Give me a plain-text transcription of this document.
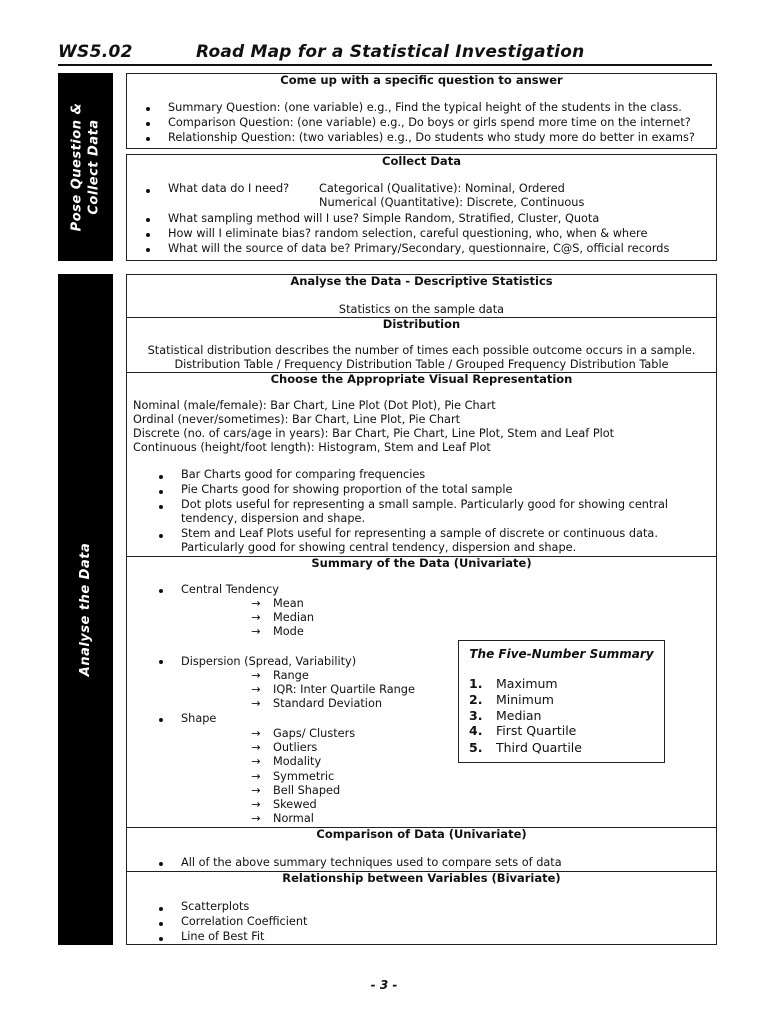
WS5.02	Road Map for a Statistical Investigation
Pose Question & Collect Data
Come up with a specific question to answer
Summary Question: (one variable) e.g., Find the typical height of the students in the class.
Comparison Question: (one variable) e.g., Do boys or girls spend more time on the internet?
Relationship Question: (two variables) e.g., Do students who study more do better in exams?
Collect Data
What data do I need?	Categorical (Qualitative): Nominal, Ordered
Numerical (Quantitative): Discrete, Continuous
What sampling method will I use? Simple Random, Stratified, Cluster, Quota
How will I eliminate bias? random selection, careful questioning, who, when & where
What will the source of data be? Primary/Secondary, questionnaire, C@S, official records
Analyse the Data
Analyse the Data - Descriptive Statistics
Statistics on the sample data
Distribution
Statistical distribution describes the number of times each possible outcome occurs in a sample.
Distribution Table / Frequency Distribution Table / Grouped Frequency Distribution Table
Choose the Appropriate Visual Representation
Nominal (male/female): Bar Chart, Line Plot (Dot Plot), Pie Chart
Ordinal (never/sometimes): Bar Chart, Line Plot, Pie Chart
Discrete (no. of cars/age in years): Bar Chart, Pie Chart, Line Plot, Stem and Leaf Plot
Continuous (height/foot length): Histogram, Stem and Leaf Plot
Bar Charts good for comparing frequencies
Pie Charts good for showing proportion of the total sample
Dot plots useful for representing a small sample. Particularly good for showing central
tendency, dispersion and shape.
Stem and Leaf Plots useful for representing a sample of discrete or continuous data.
Particularly good for showing central tendency, dispersion and shape.
Summary of the Data (Univariate)
Central Tendency
→ Mean
→ Median
→ Mode
Dispersion (Spread, Variability)
→ Range
→ IQR: Inter Quartile Range
→ Standard Deviation
Shape
→ Gaps/ Clusters
→ Outliers
→ Modality
→ Symmetric
→ Bell Shaped
→ Skewed
→ Normal
Comparison of Data (Univariate)
All of the above summary techniques used to compare sets of data
Relationship between Variables (Bivariate)
Scatterplots
Correlation Coefficient
Line of Best Fit
The Five-Number Summary
1. Maximum
2. Minimum
3. Median
4. First Quartile
5. Third Quartile
- 3 -
